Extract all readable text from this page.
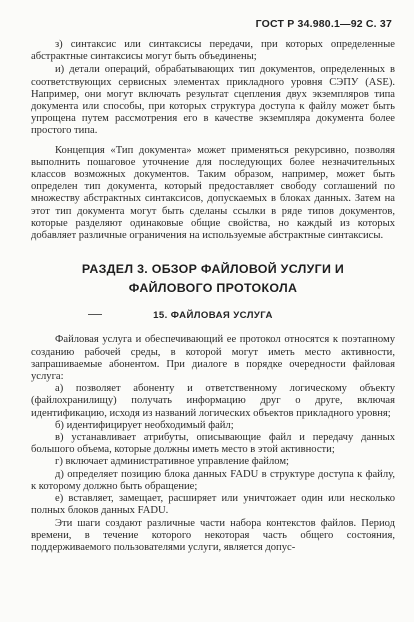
ГОСТ Р 34.980.1—92 С. 37

з) синтаксис или синтаксисы передачи, при которых определенные абстрактные синтаксисы могут быть объединены;

и) детали операций, обрабатывающих тип документов, определенных в соответствующих сервисных элементах прикладного уровня СЭПУ (ASE). Например, они могут включать результат сцепления двух экземпляров типа документа или способы, при которых структура доступа к файлу может быть упрощена путем рассмотрения его в качестве экземпляра документа более простого типа.

Концепция «Тип документа» может применяться рекурсивно, позволяя выполнить пошаговое уточнение для последующих более незначительных классов возможных документов. Таким образом, например, может быть определен тип документа, который предоставляет свободу соглашений по множеству абстрактных синтаксисов, допускаемых в блоках данных. Затем на этот тип документа могут быть сделаны ссылки в ряде типов документов, которые разделяют одинаковые общие свойства, но каждый из которых добавляет различные ограничения на используемые абстрактные синтаксисы.

РАЗДЕЛ 3. ОБЗОР ФАЙЛОВОЙ УСЛУГИ И
ФАЙЛОВОГО ПРОТОКОЛА
15. ФАЙЛОВАЯ УСЛУГА

Файловая услуга и обеспечивающий ее протокол относятся к поэтапному созданию рабочей среды, в которой могут иметь место активности, запрашиваемые абонентом. При диалоге в порядке очередности файловая услуга:

а) позволяет абоненту и ответственному логическому объекту (файлохранилищу) получать информацию друг о друге, включая идентификацию, исходя из названий логических объектов прикладного уровня;

б) идентифицирует необходимый файл;

в) устанавливает атрибуты, описывающие файл и передачу данных большого объема, которые должны иметь место в этой активности;

г) включает административное управление файлом;

д) определяет позицию блока данных FADU в структуре доступа к файлу, к которому должно быть обращение;

е) вставляет, замещает, расширяет или уничтожает один или несколько полных блоков данных FADU.

Эти шаги создают различные части набора контекстов файлов. Период времени, в течение которого некоторая часть общего состояния, поддерживаемого пользователями услуги, является допус-
